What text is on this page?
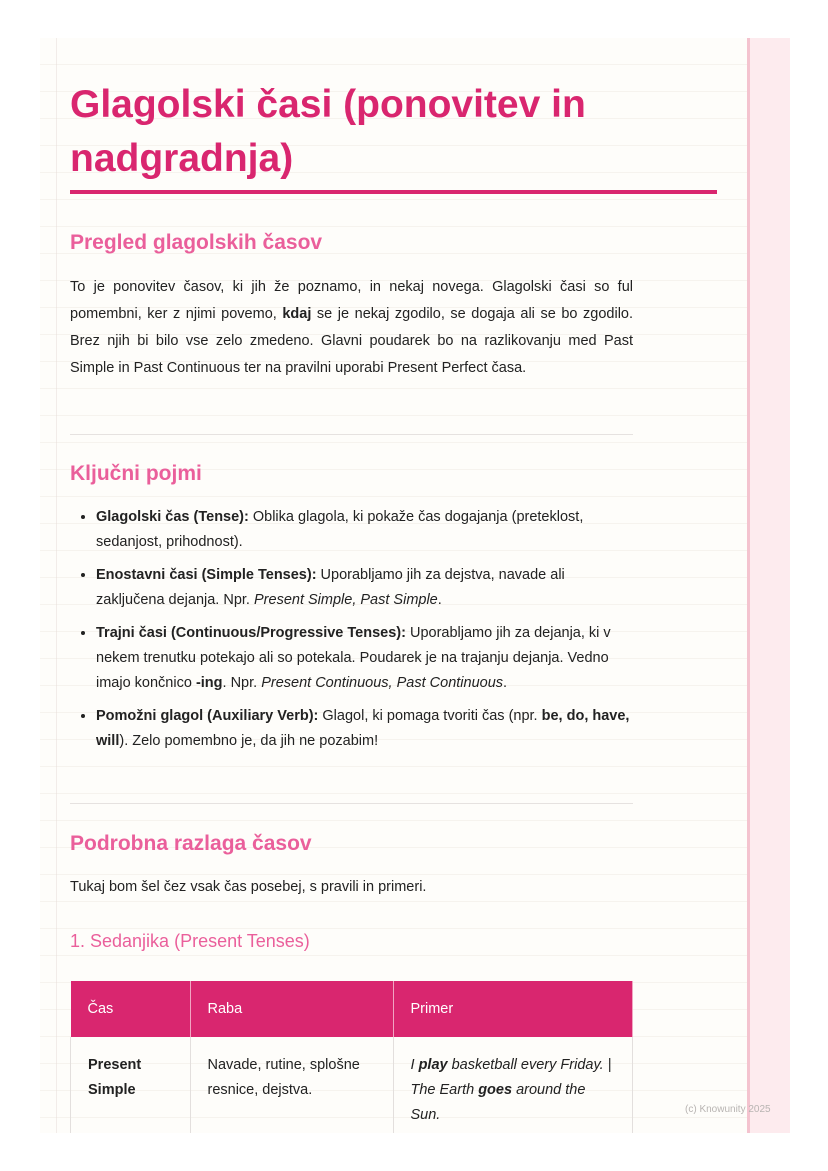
(c) Knowunity 2025
Glagolski časi (ponovitev in nadgradnja)
Pregled glagolskih časov

To je ponovitev časov, ki jih že poznamo, in nekaj novega. Glagolski časi so ful pomembni, ker z njimi povemo, kdaj se je nekaj zgodilo, se dogaja ali se bo zgodilo. Brez njih bi bilo vse zelo zmedeno. Glavni poudarek bo na razlikovanju med Past Simple in Past Continuous ter na pravilni uporabi Present Perfect časa.

Ključni pojmi
• Glagolski čas (Tense): Oblika glagola, ki pokaže čas dogajanja (preteklost, sedanjost, prihodnost).
• Enostavni časi (Simple Tenses): Uporabljamo jih za dejstva, navade ali zaključena dejanja. Npr. Present Simple, Past Simple.
• Trajni časi (Continuous/Progressive Tenses): Uporabljamo jih za dejanja, ki v nekem trenutku potekajo ali so potekala. Poudarek je na trajanju dejanja. Vedno imajo končnico -ing. Npr. Present Continuous, Past Continuous.
• Pomožni glagol (Auxiliary Verb): Glagol, ki pomaga tvoriti čas (npr. be, do, have, will). Zelo pomembno je, da jih ne pozabim!
Podrobna razlaga časov

Tukaj bom šel čez vsak čas posebej, s pravili in primeri.

1. Sedanjika (Present Tenses)
Čas	Raba	Primer
Present Simple	Navade, rutine, splošne resnice, dejstva.	I play basketball every Friday. | The Earth goes around the Sun.
